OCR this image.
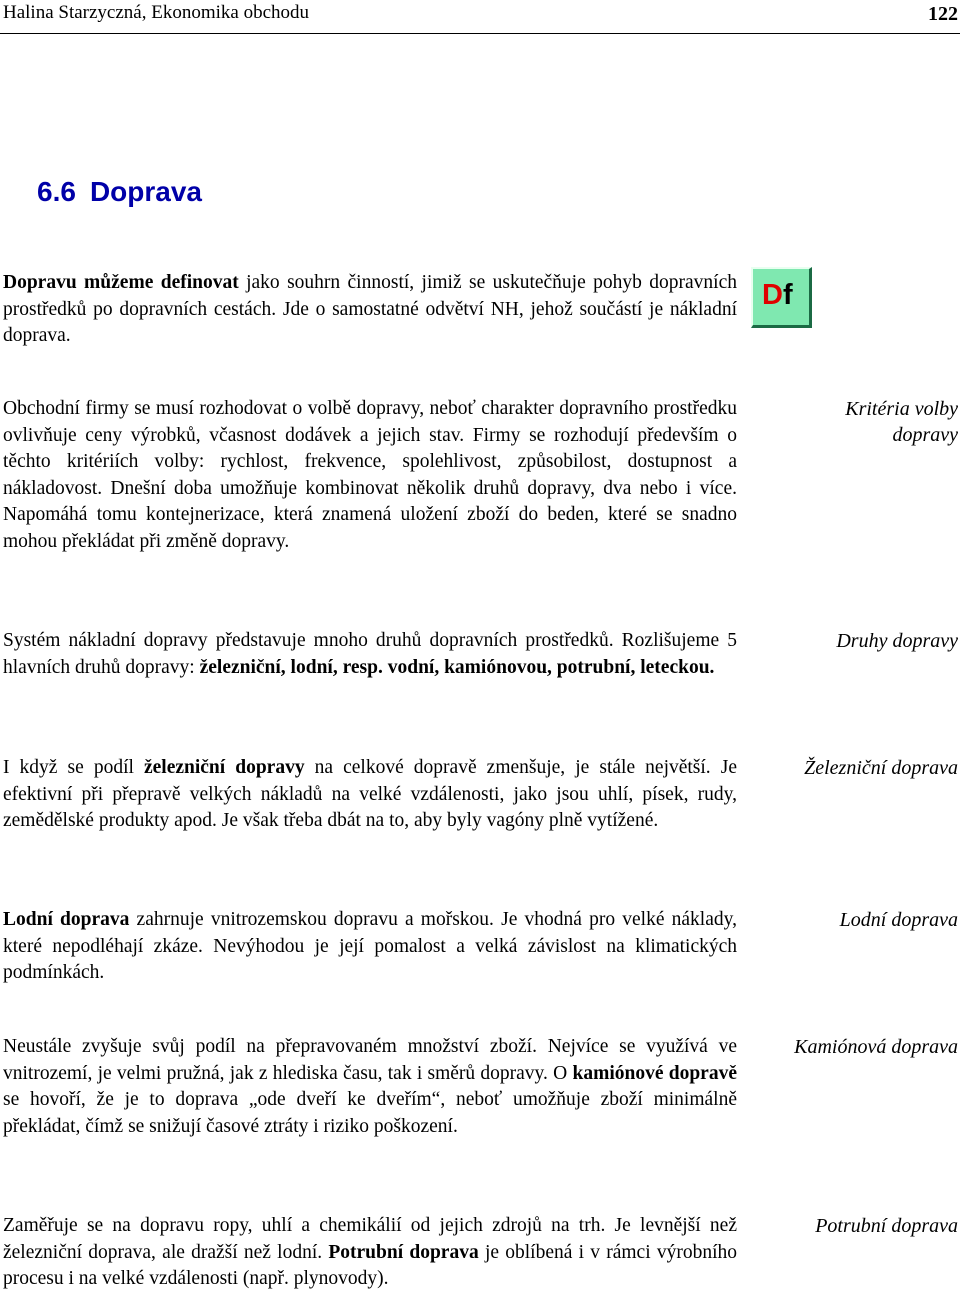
Halina Starzyczná, Ekonomika obchodu	122
6.6 Doprava

Dopravu můžeme definovat jako souhrn činností, jimiž se uskutečňuje pohyb dopravních prostředků po dopravních cestách. Jde o samostatné odvětví NH, jehož součástí je nákladní doprava.

D f

Obchodní firmy se musí rozhodovat o volbě dopravy, neboť charakter dopravního prostředku ovlivňuje ceny výrobků, včasnost dodávek a jejich stav. Firmy se rozhodují především o těchto kritériích volby: rychlost, frekvence, spolehlivost, způsobilost, dostupnost a nákladovost. Dnešní doba umožňuje kombinovat několik druhů dopravy, dva nebo i více. Napomáhá tomu kontejnerizace, která znamená uložení zboží do beden, které se snadno mohou překládat při změně dopravy.

Kritéria volby dopravy

Systém nákladní dopravy představuje mnoho druhů dopravních prostředků. Rozlišujeme 5 hlavních druhů dopravy: železniční, lodní, resp. vodní, kamiónovou, potrubní, leteckou.

Druhy dopravy

I když se podíl železniční dopravy na celkové dopravě zmenšuje, je stále největší. Je efektivní při přepravě velkých nákladů na velké vzdálenosti, jako jsou uhlí, písek, rudy, zemědělské produkty apod. Je však třeba dbát na to, aby byly vagóny plně vytížené.

Železniční doprava

Lodní doprava zahrnuje vnitrozemskou dopravu a mořskou. Je vhodná pro velké náklady, které nepodléhají zkáze. Nevýhodou je její pomalost a velká závislost na klimatických podmínkách.

Lodní doprava

Neustále zvyšuje svůj podíl na přepravovaném množství zboží. Nejvíce se využívá ve vnitrozemí, je velmi pružná, jak z hlediska času, tak i směrů dopravy. O kamiónové dopravě se hovoří, že je to doprava „ode dveří ke dveřím“, neboť umožňuje zboží minimálně překládat, čímž se snižují časové ztráty i riziko poškození.

Kamiónová doprava

Zaměřuje se na dopravu ropy, uhlí a chemikálií od jejich zdrojů na trh. Je levnější než železniční doprava, ale dražší než lodní. Potrubní doprava je oblíbená i v rámci výrobního procesu i na velké vzdálenosti (např. plynovody).

Potrubní doprava
